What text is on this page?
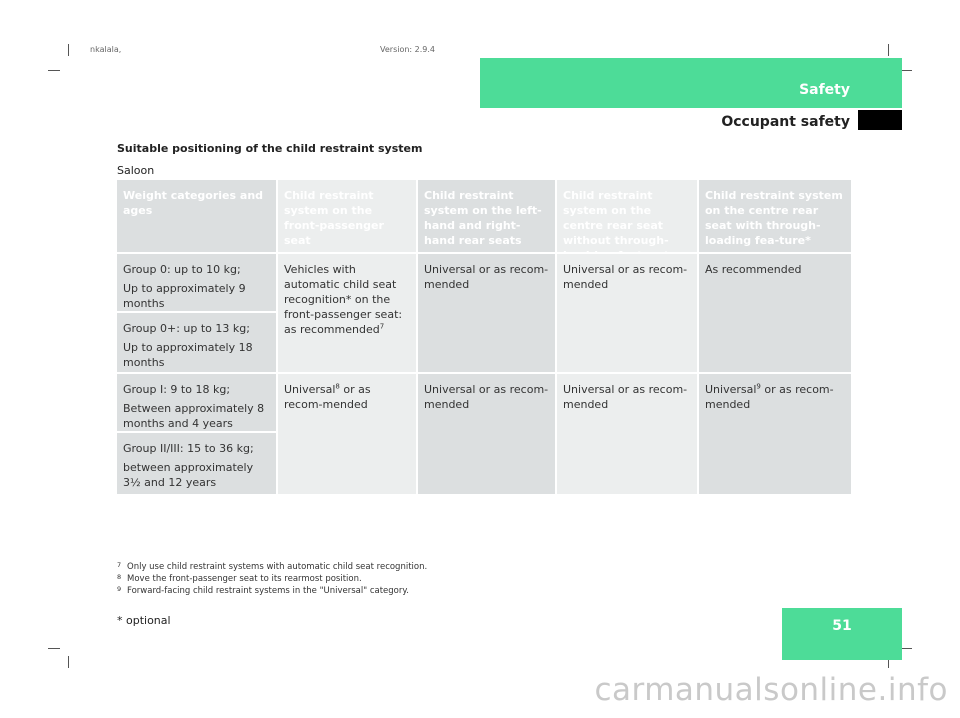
nkalala,	Version: 2.9.4
Safety
Occupant safety
Suitable positioning of the child restraint system
Saloon
Weight categories and ages
Child restraint system on the front-passenger seat
Child restraint system on the left-hand and right-hand rear seats
Child restraint system on the centre rear seat without through-
Child restraint system on the centre rear seat with through-loading fea-ture*

Group 0: up to 10 kg;

Up to approximately 9 months

Group 0+: up to 13 kg;

Up to approximately 18 months

Group I: 9 to 18 kg;

Between approximately 8 months and 4 years

Group II/III: 15 to 36 kg;

between approximately 3½ and 12 years

Vehicles with automatic child seat recognition* on the front-passenger seat: as recommended$^7$
Universal$^8$ or as recom-mended
Universal or as recom-mended
Universal or as recom-mended
Universal or as recom-mended
Universal or as recom-mended
As recommended
Universal$^9$ or as recom-mended
7 Only use child restraint systems with automatic child seat recognition.
8 Move the front-passenger seat to its rearmost position.
9 Forward-facing child restraint systems in the "Universal" category.
* optional	51
carmanualsonline.info
